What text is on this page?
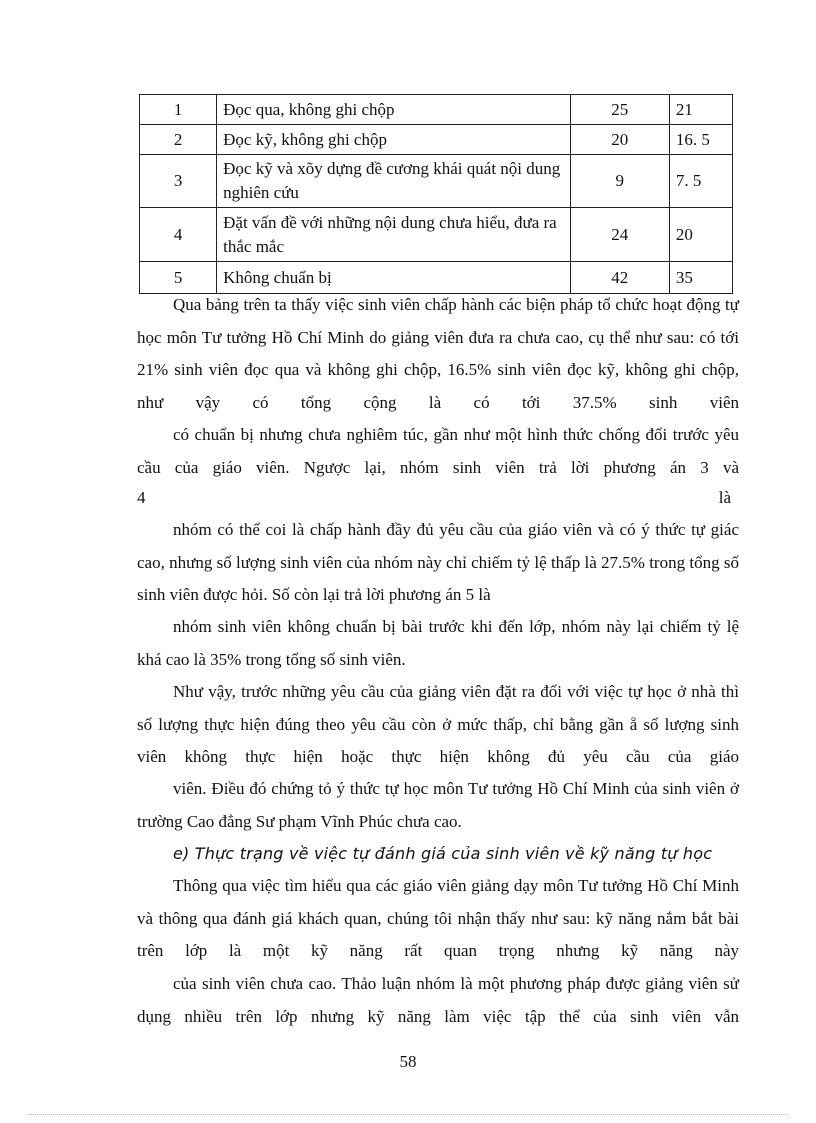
1	Đọc qua, không ghi chộp	25	21
2	Đọc kỹ, không ghi chộp	20	16. 5
3	Đọc kỹ và xõy dựng đề cương khái quát nội dung nghiên cứu	9	7. 5
4	Đặt vấn đề với những nội dung chưa hiểu, đưa ra thắc mắc	24	20
5	Không chuẩn bị	42	35

Qua bảng trên ta thấy việc sinh viên chấp hành các biện pháp tổ chức hoạt động tự học môn Tư tưởng Hồ Chí Minh do giảng viên đưa ra chưa cao, cụ thể như sau: có tới 21% sinh viên đọc qua và không ghi chộp, 16.5% sinh viên đọc kỹ, không ghi chộp, như vậy có tổng cộng là có tới 37.5% sinh viên

có chuẩn bị nhưng chưa nghiêm túc, gần như một hình thức chống đối trước yêu cầu của giáo viên. Ngược lại, nhóm sinh viên trả lời phương án 3 và

4	là

nhóm có thể coi là chấp hành đầy đủ yêu cầu của giáo viên và có ý thức tự giác cao, nhưng số lượng sinh viên của nhóm này chỉ chiếm tỷ lệ thấp là 27.5% trong tổng số sinh viên được hỏi. Số còn lại trả lời phương án 5 là

nhóm sinh viên không chuẩn bị bài trước khi đến lớp, nhóm này lại chiếm tỷ lệ khá cao là 35% trong tổng số sinh viên.

Như vậy, trước những yêu cầu của giảng viên đặt ra đối với việc tự học ở nhà thì số lượng thực hiện đúng theo yêu cầu còn ở mức thấp, chỉ bằng gần ẵ số lượng sinh viên không thực hiện hoặc thực hiện không đủ yêu cầu của giáo

viên. Điều đó chứng tỏ ý thức tự học môn Tư tưởng Hồ Chí Minh của sinh viên ở trường Cao đẳng Sư phạm Vĩnh Phúc chưa cao.

e) Thực trạng về việc tự đánh giá của sinh viên về kỹ năng tự học

Thông qua việc tìm hiểu qua các giáo viên giảng dạy môn Tư tưởng Hồ Chí Minh và thông qua đánh giá khách quan, chúng tôi nhận thấy như sau: kỹ năng nắm bắt bài trên lớp là một kỹ năng rất quan trọng nhưng kỹ năng này

của sinh viên chưa cao. Thảo luận nhóm là một phương pháp được giảng viên sử dụng nhiều trên lớp nhưng kỹ năng làm việc tập thể của sinh viên vẫn

58
